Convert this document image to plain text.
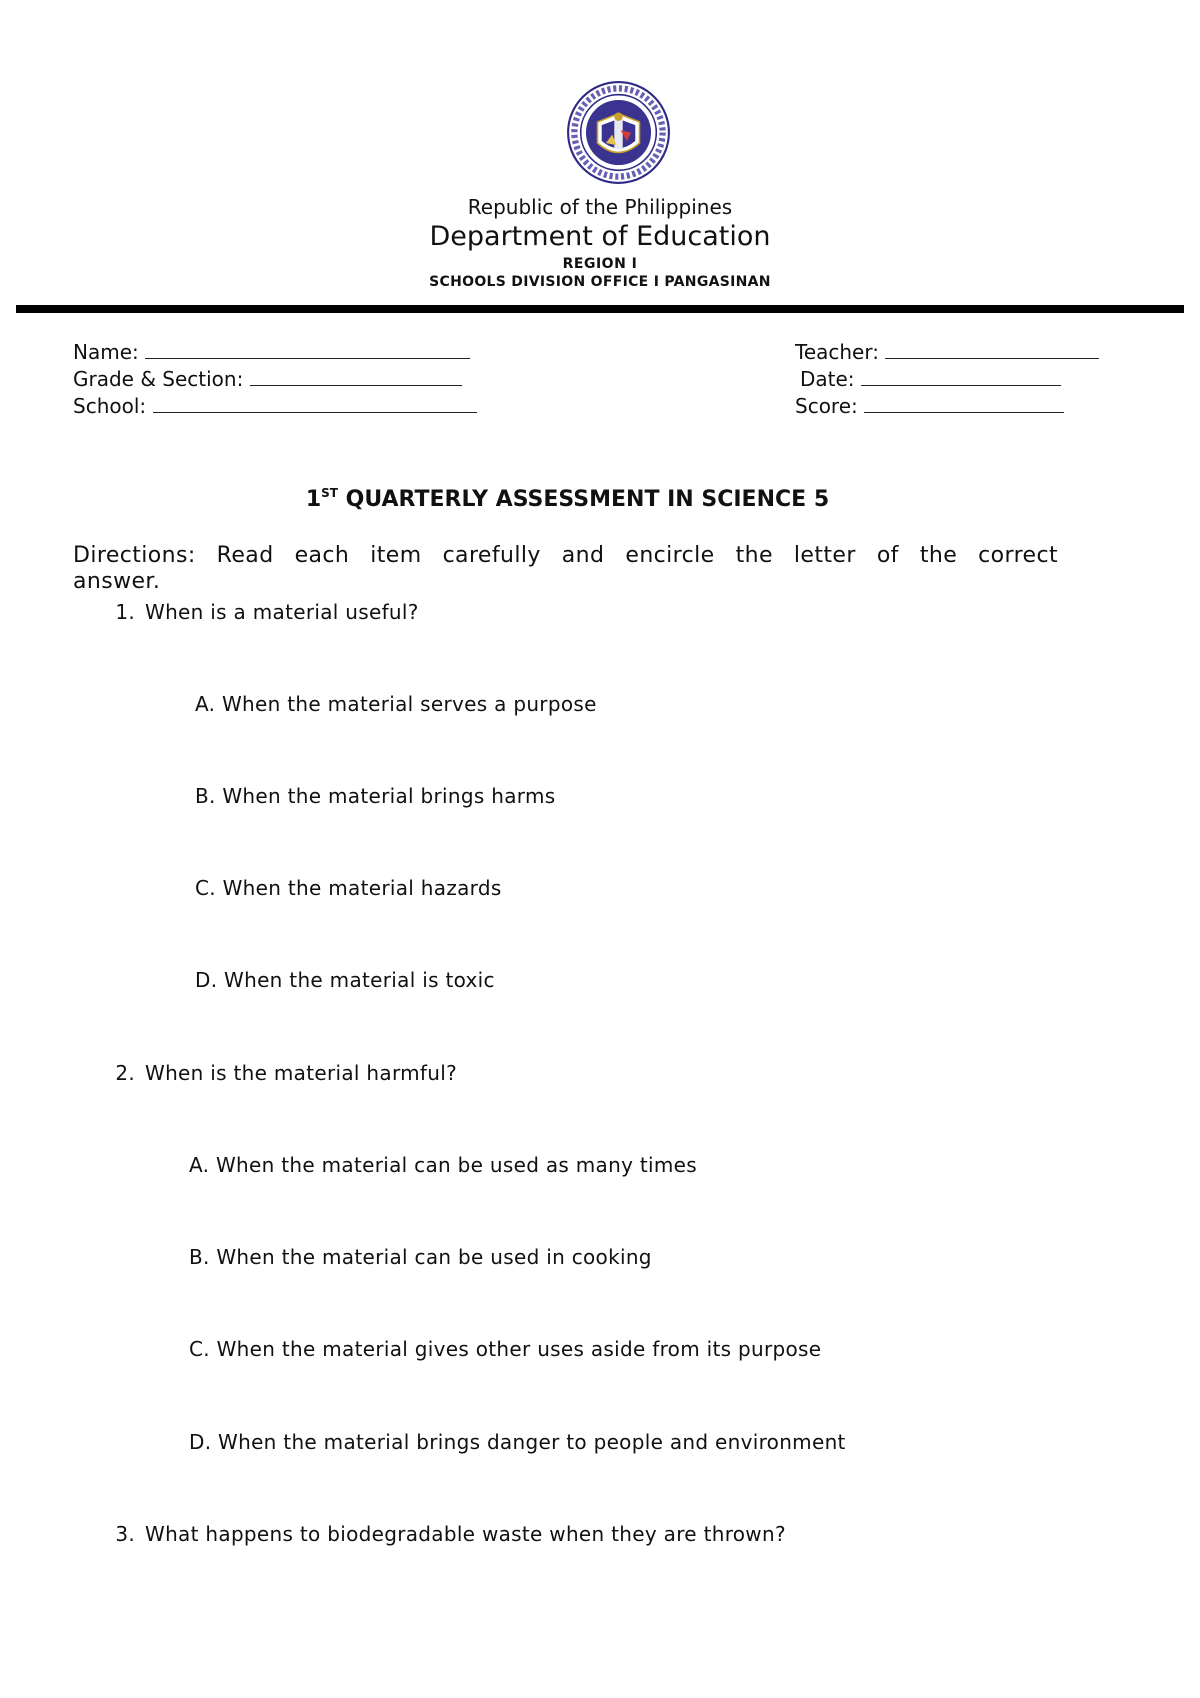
Republic of the Philippines
Department of Education
REGION I
SCHOOLS DIVISION OFFICE I PANGASINAN
Name:
Grade & Section:
School:
Teacher:
Date:
Score:
1ST QUARTERLY ASSESSMENT IN SCIENCE 5
Directions: Read each item carefully and encircle the letter of the correct answer.
1. When is a material useful?
A. When the material serves a purpose
B. When the material brings harms
C. When the material hazards
D. When the material is toxic
2. When is the material harmful?
A. When the material can be used as many times
B. When the material can be used in cooking
C. When the material gives other uses aside from its purpose
D. When the material brings danger to people and environment
3. What happens to biodegradable waste when they are thrown?
